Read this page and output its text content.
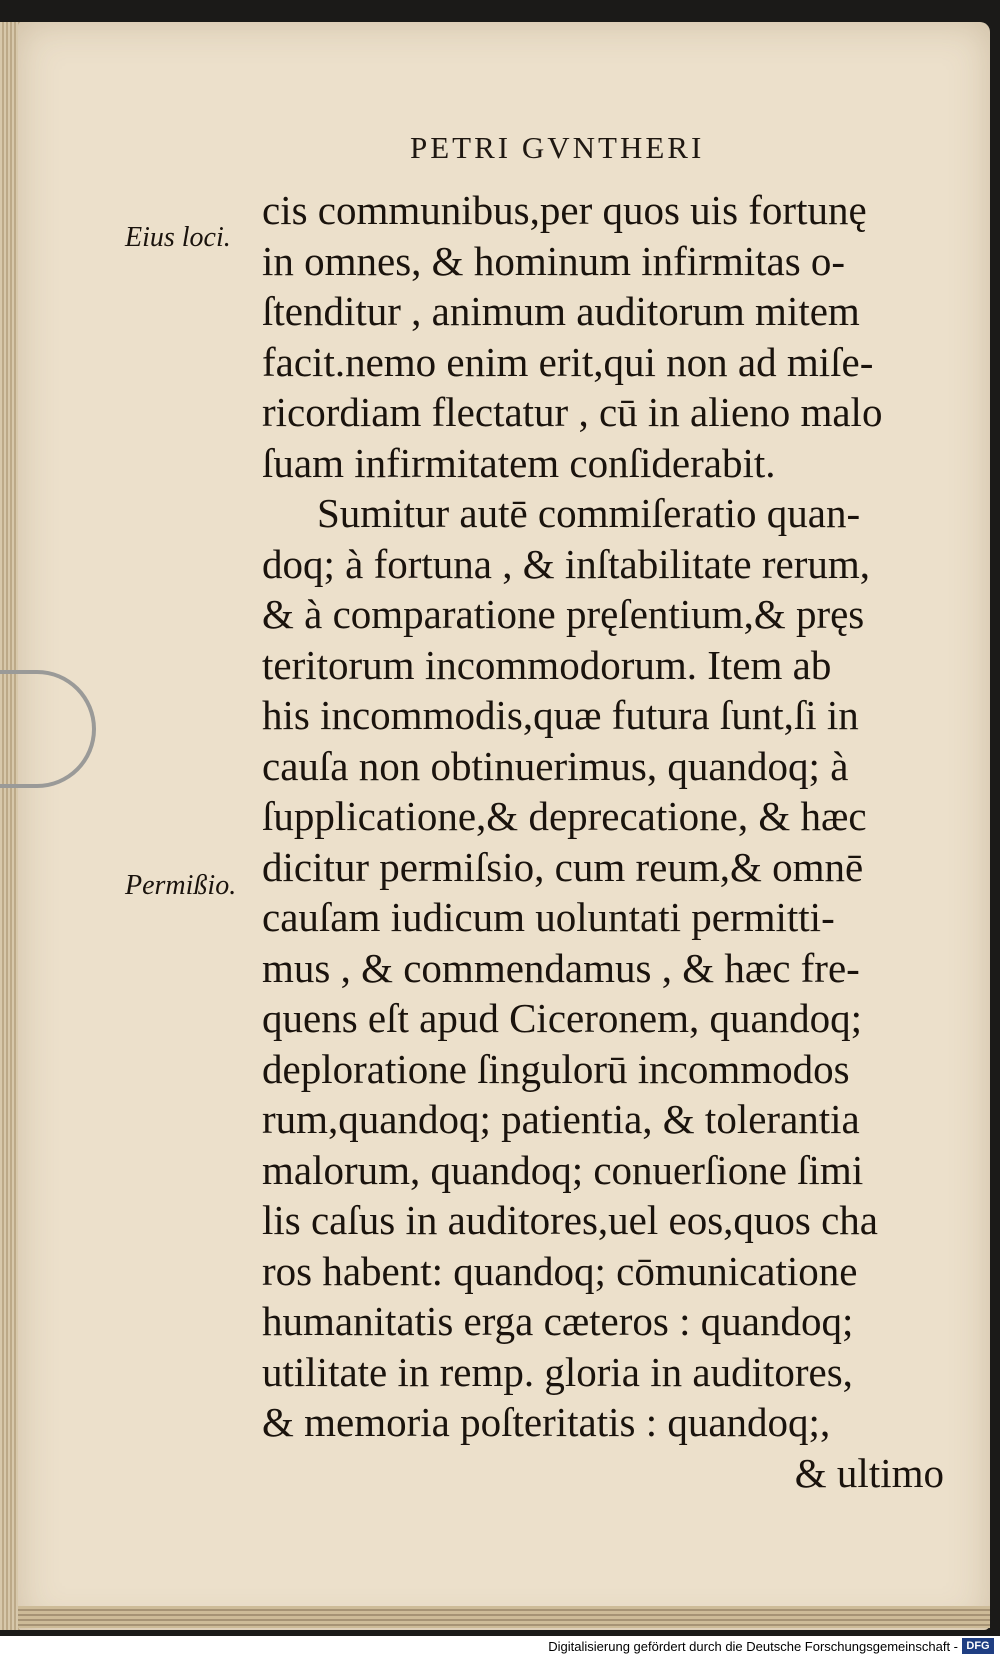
PETRI GVNTHERI
Eius loci.
Permißio.
cis communibus,per quos uis fortunę
in omnes, & hominum infirmitas o-
ſtenditur , animum auditorum mitem
facit.nemo enim erit,qui non ad miſe-
ricordiam flectatur , cū in alieno malo
ſuam infirmitatem conſiderabit.
Sumitur autē commiſeratio quan-
doq; à fortuna , & inſtabilitate rerum,
& à comparatione pręſentium,& pręs
teritorum incommodorum. Item ab
his incommodis,quæ futura ſunt,ſi in
cauſa non obtinuerimus, quandoq; à
ſupplicatione,& deprecatione, & hæc
dicitur permiſsio, cum reum,& omnē
cauſam iudicum uoluntati permitti-
mus , & commendamus , & hæc fre-
quens eſt apud Ciceronem, quandoq;
deploratione ſingulorū incommodos
rum,quandoq; patientia, & tolerantia
malorum, quandoq; conuerſione ſimi
lis caſus in auditores,uel eos,quos cha
ros habent: quandoq; cōmunicatione
humanitatis erga cæteros : quandoq;
utilitate in remp. gloria in auditores,
& memoria poſteritatis : quandoq;,
& ultimo
Digitalisierung gefördert durch die Deutsche Forschungsgemeinschaft - DFG
